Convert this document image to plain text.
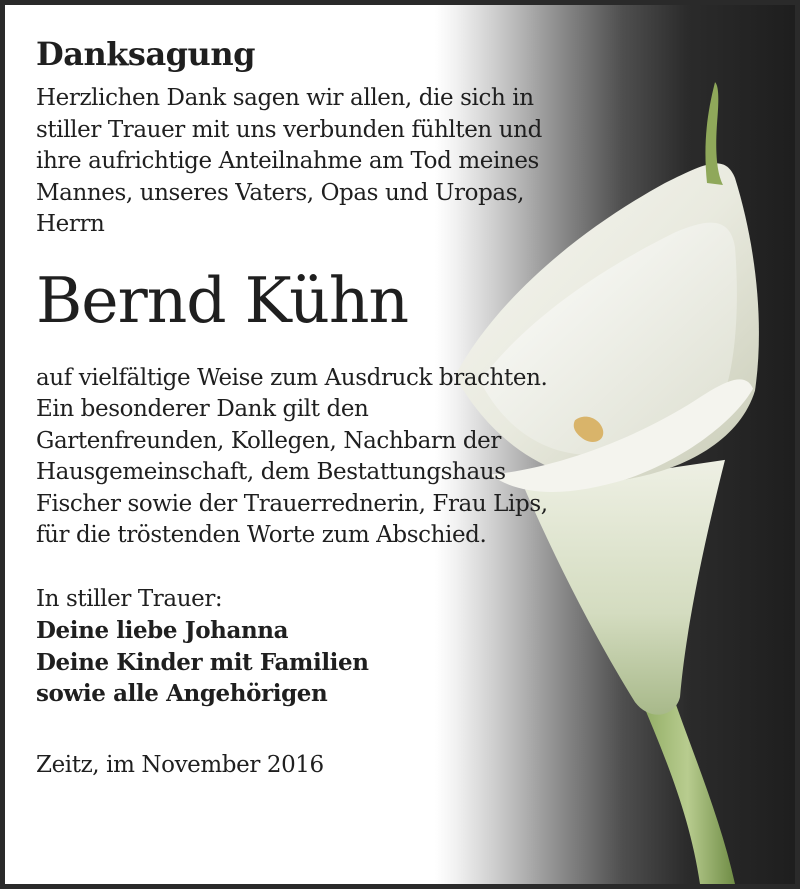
Danksagung

Herzlichen Dank sagen wir allen, die sich in stiller Trauer mit uns verbunden fühlten und ihre aufrichtige Anteilnahme am Tod meines Mannes, unseres Vaters, Opas und Uropas, Herrn

Bernd Kühn

auf vielfältige Weise zum Ausdruck brachten. Ein besonderer Dank gilt den Gartenfreunden, Kollegen, Nachbarn der Hausgemeinschaft, dem Bestattungshaus Fischer sowie der Trauerrednerin, Frau Lips, für die tröstenden Worte zum Abschied.

In stiller Trauer:
Deine liebe Johanna
Deine Kinder mit Familien
sowie alle Angehörigen
Zeitz, im November 2016
